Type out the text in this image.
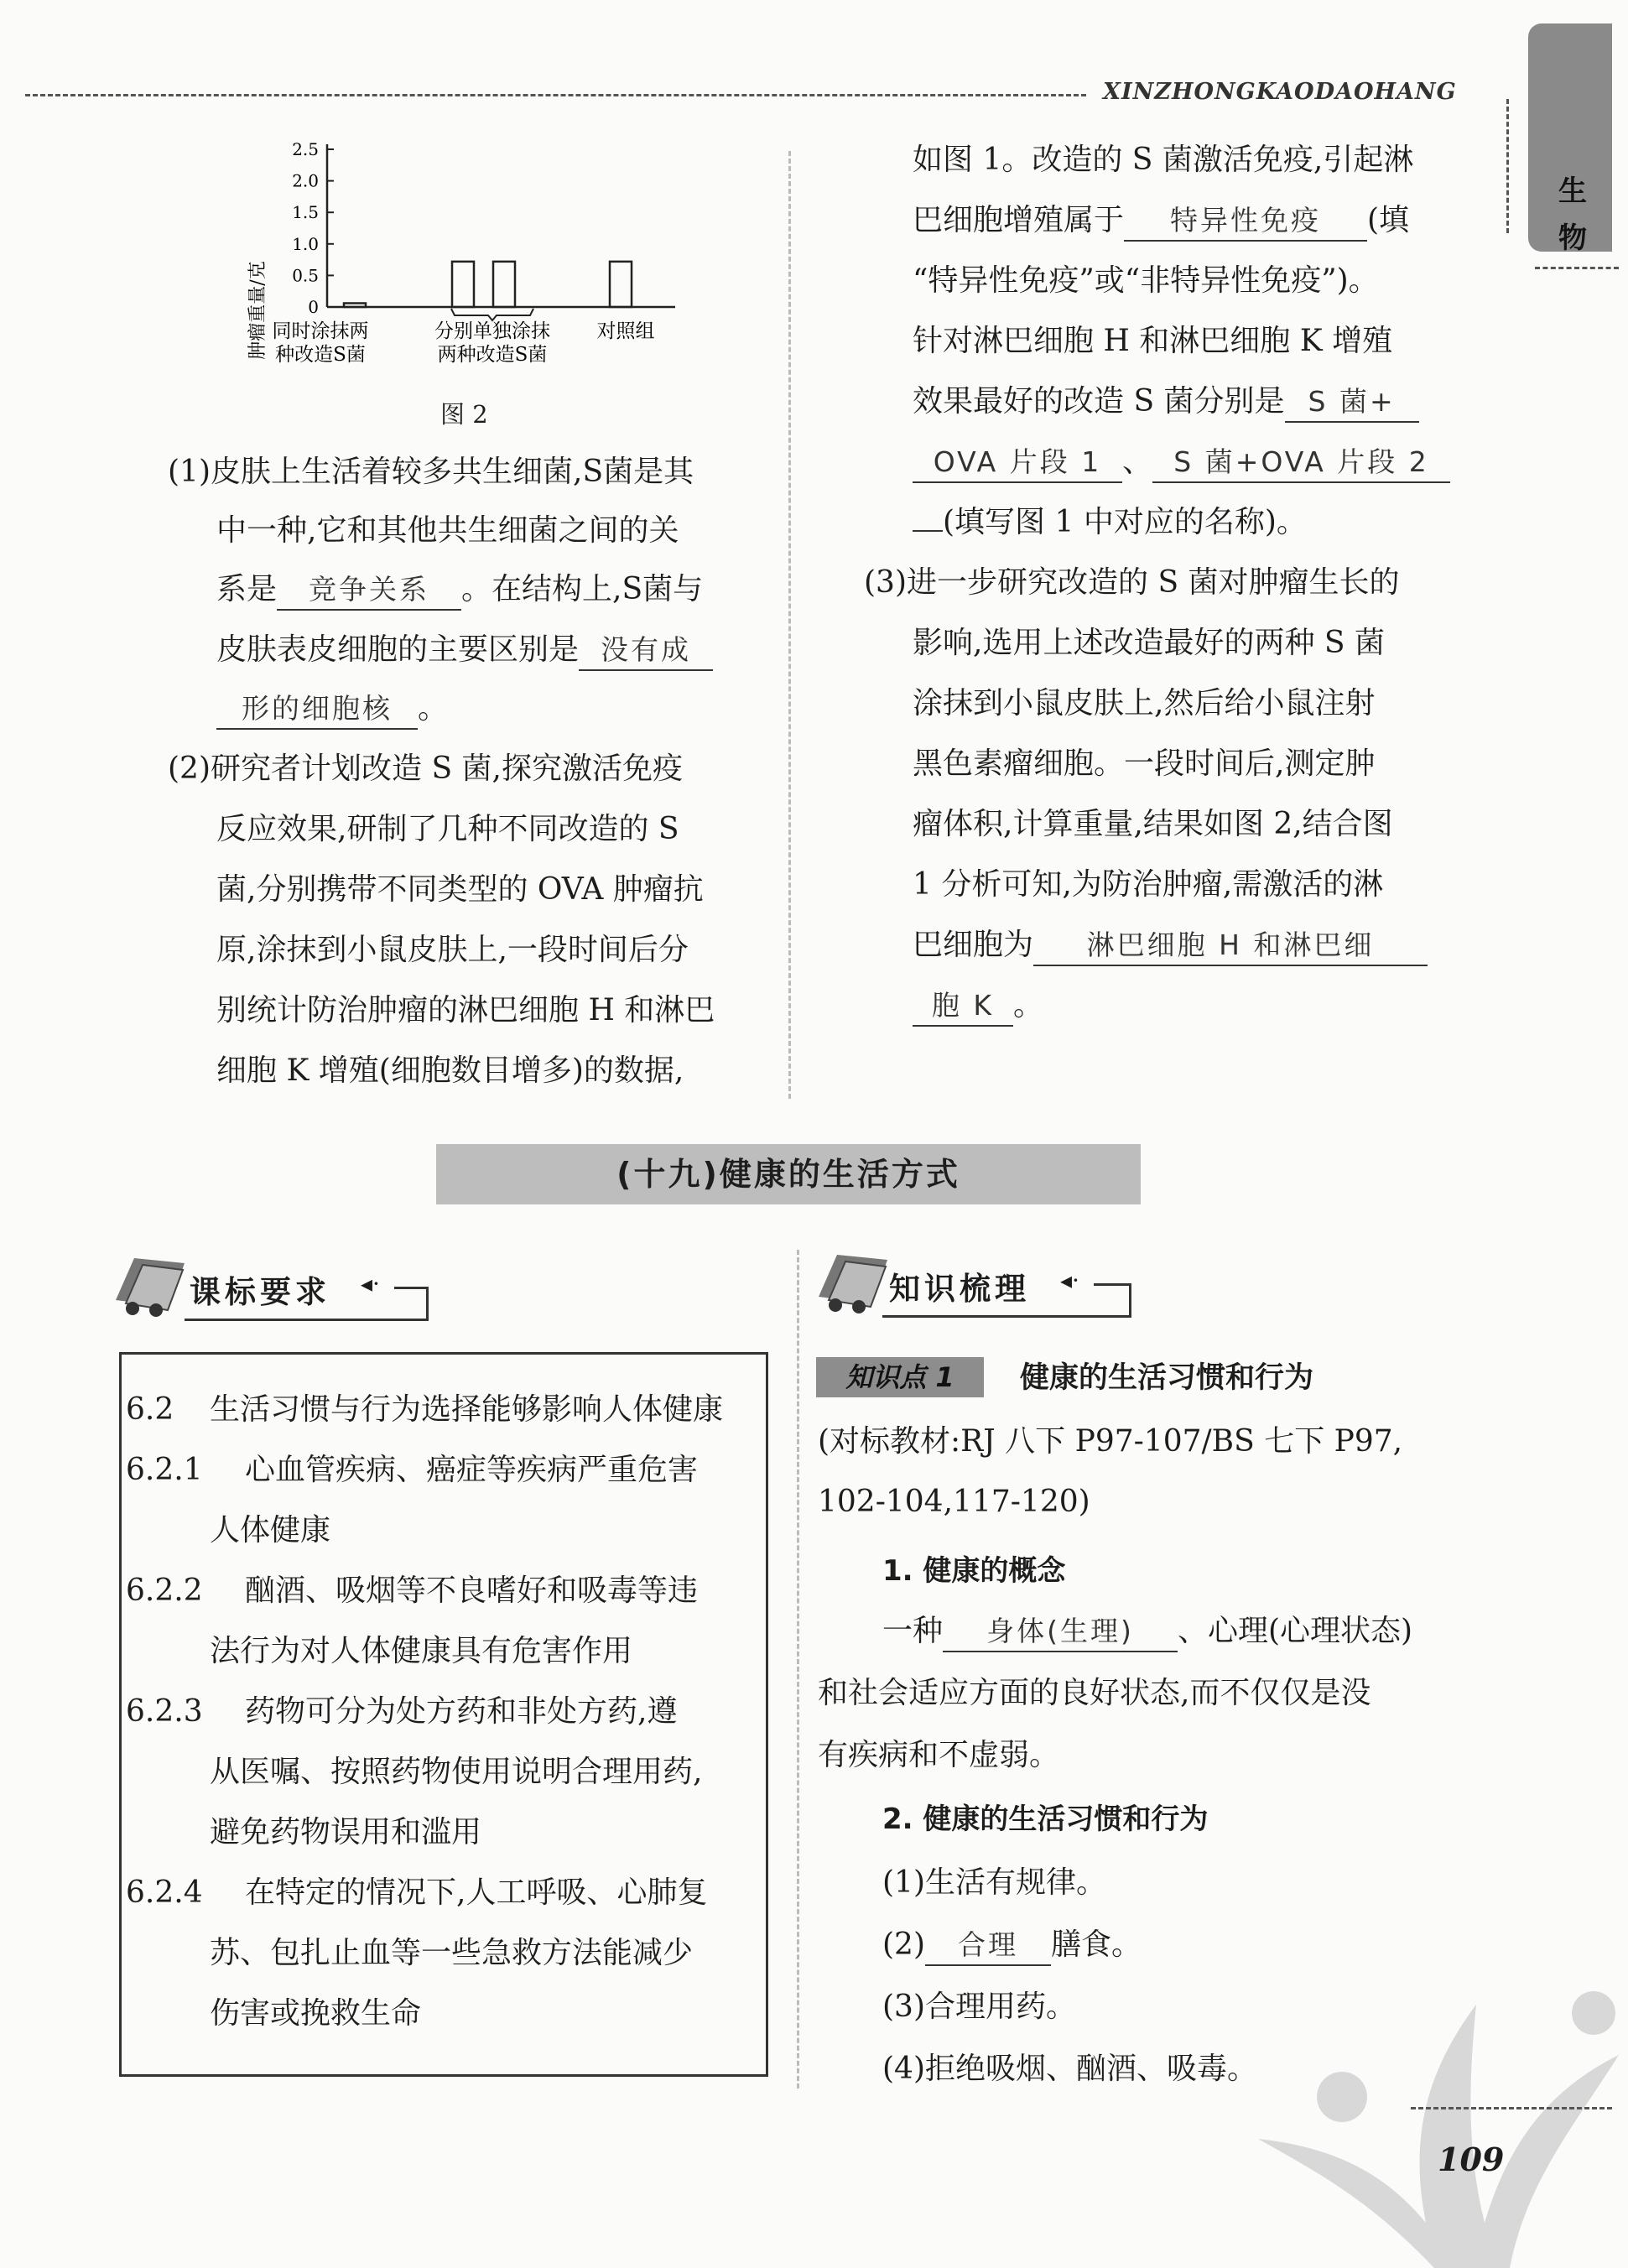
XINZHONGKAODAOHANG
生
物
肿瘤重量/克 0
0.5
1.0
1.5
2.0
2.5
同时涂抹两
种改造S菌
分别单独涂抹
两种改造S菌
对照组
图 2
(1)皮肤上生活着较多共生细菌,S菌是其
中一种,它和其他共生细菌之间的关
系是 竞争关系 。在结构上,S菌与
皮肤表皮细胞的主要区别是 没有成
形的细胞核 。
(2)研究者计划改造 S 菌,探究激活免疫
反应效果,研制了几种不同改造的 S
菌,分别携带不同类型的 OVA 肿瘤抗
原,涂抹到小鼠皮肤上,一段时间后分
别统计防治肿瘤的淋巴细胞 H 和淋巴
细胞 K 增殖(细胞数目增多)的数据,
如图 1。改造的 S 菌激活免疫,引起淋
巴细胞增殖属于 特异性免疫 (填
“特异性免疫”或“非特异性免疫”)。
针对淋巴细胞 H 和淋巴细胞 K 增殖
效果最好的改造 S 菌分别是 S 菌+
OVA 片段 1 、 S 菌+OVA 片段 2
(填写图 1 中对应的名称)。
(3)进一步研究改造的 S 菌对肿瘤生长的
影响,选用上述改造最好的两种 S 菌
涂抹到小鼠皮肤上,然后给小鼠注射
黑色素瘤细胞。一段时间后,测定肿
瘤体积,计算重量,结果如图 2,结合图
1 分析可知,为防治肿瘤,需激活的淋
巴细胞为 淋巴细胞 H 和淋巴细
胞 K 。
(十九)健康的生活方式
课标要求 ◂·
6.2 生活习惯与行为选择能够影响人体健康
6.2.1 心血管疾病、癌症等疾病严重危害
人体健康
6.2.2 酗酒、吸烟等不良嗜好和吸毒等违
法行为对人体健康具有危害作用
6.2.3 药物可分为处方药和非处方药,遵
从医嘱、按照药物使用说明合理用药,
避免药物误用和滥用
6.2.4 在特定的情况下,人工呼吸、心肺复
苏、包扎止血等一些急救方法能减少
伤害或挽救生命
知识梳理 ◂·
知识点 1	健康的生活习惯和行为
(对标教材:RJ 八下 P97-107/BS 七下 P97,
102-104,117-120)
1. 健康的概念
一种 身体(生理) 、心理(心理状态)
和社会适应方面的良好状态,而不仅仅是没
有疾病和不虚弱。
2. 健康的生活习惯和行为
(1)生活有规律。
(2) 合理 膳食。
(3)合理用药。
(4)拒绝吸烟、酗酒、吸毒。
109
